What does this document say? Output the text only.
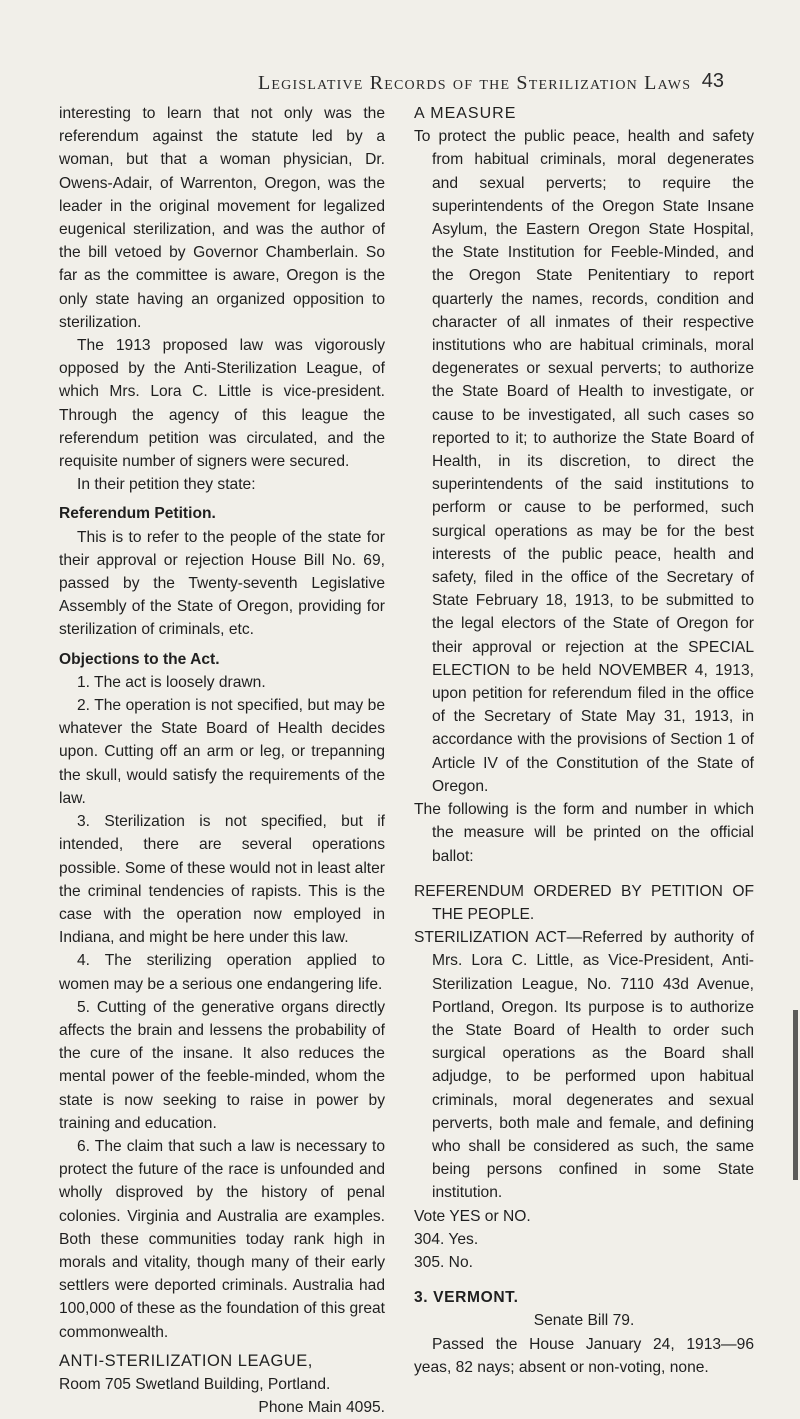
Legislative Records of the Sterilization Laws 43

interesting to learn that not only was the referendum against the statute led by a woman, but that a woman physician, Dr. Owens-Adair, of Warrenton, Oregon, was the leader in the original movement for legalized eugenical sterilization, and was the author of the bill vetoed by Governor Chamberlain. So far as the committee is aware, Oregon is the only state having an organized opposition to sterilization.

The 1913 proposed law was vigorously opposed by the Anti-Sterilization League, of which Mrs. Lora C. Little is vice-president. Through the agency of this league the referendum petition was circulated, and the requisite number of signers were secured.

In their petition they state:

Referendum Petition.

This is to refer to the people of the state for their approval or rejection House Bill No. 69, passed by the Twenty-seventh Legislative Assembly of the State of Oregon, providing for sterilization of criminals, etc.

Objections to the Act.

1. The act is loosely drawn.

2. The operation is not specified, but may be whatever the State Board of Health decides upon. Cutting off an arm or leg, or trepanning the skull, would satisfy the requirements of the law.

3. Sterilization is not specified, but if intended, there are several operations possible. Some of these would not in least alter the criminal tendencies of rapists. This is the case with the operation now employed in Indiana, and might be here under this law.

4. The sterilizing operation applied to women may be a serious one endangering life.

5. Cutting of the generative organs directly affects the brain and lessens the probability of the cure of the insane. It also reduces the mental power of the feeble-minded, whom the state is now seeking to raise in power by training and education.

6. The claim that such a law is necessary to protect the future of the race is unfounded and wholly disproved by the history of penal colonies. Virginia and Australia are examples. Both these communities today rank high in morals and vitality, though many of their early settlers were deported criminals. Australia had 100,000 of these as the foundation of this great commonwealth.

ANTI-STERILIZATION LEAGUE,

Room 705 Swetland Building, Portland.

Phone Main 4095.

A MEASURE

To protect the public peace, health and safety from habitual criminals, moral degenerates and sexual perverts; to require the superintendents of the Oregon State Insane Asylum, the Eastern Oregon State Hospital, the State Institution for Feeble-Minded, and the Oregon State Penitentiary to report quarterly the names, records, condition and character of all inmates of their respective institutions who are habitual criminals, moral degenerates or sexual perverts; to authorize the State Board of Health to investigate, or cause to be investigated, all such cases so reported to it; to authorize the State Board of Health, in its discretion, to direct the superintendents of the said institutions to perform or cause to be performed, such surgical operations as may be for the best interests of the public peace, health and safety, filed in the office of the Secretary of State February 18, 1913, to be submitted to the legal electors of the State of Oregon for their approval or rejection at the SPECIAL ELECTION to be held NOVEMBER 4, 1913, upon petition for referendum filed in the office of the Secretary of State May 31, 1913, in accordance with the provisions of Section 1 of Article IV of the Constitution of the State of Oregon.

The following is the form and number in which the measure will be printed on the official ballot:

REFERENDUM ORDERED BY PETITION OF THE PEOPLE.

STERILIZATION ACT—Referred by authority of Mrs. Lora C. Little, as Vice-President, Anti-Sterilization League, No. 7110 43d Avenue, Portland, Oregon. Its purpose is to authorize the State Board of Health to order such surgical operations as the Board shall adjudge, to be performed upon habitual criminals, moral degenerates and sexual perverts, both male and female, and defining who shall be considered as such, the same being persons confined in some State institution.

Vote YES or NO.

304. Yes.

305. No.

3. VERMONT.

Senate Bill 79.

Passed the House January 24, 1913—96 yeas, 82 nays; absent or non-voting, none.
